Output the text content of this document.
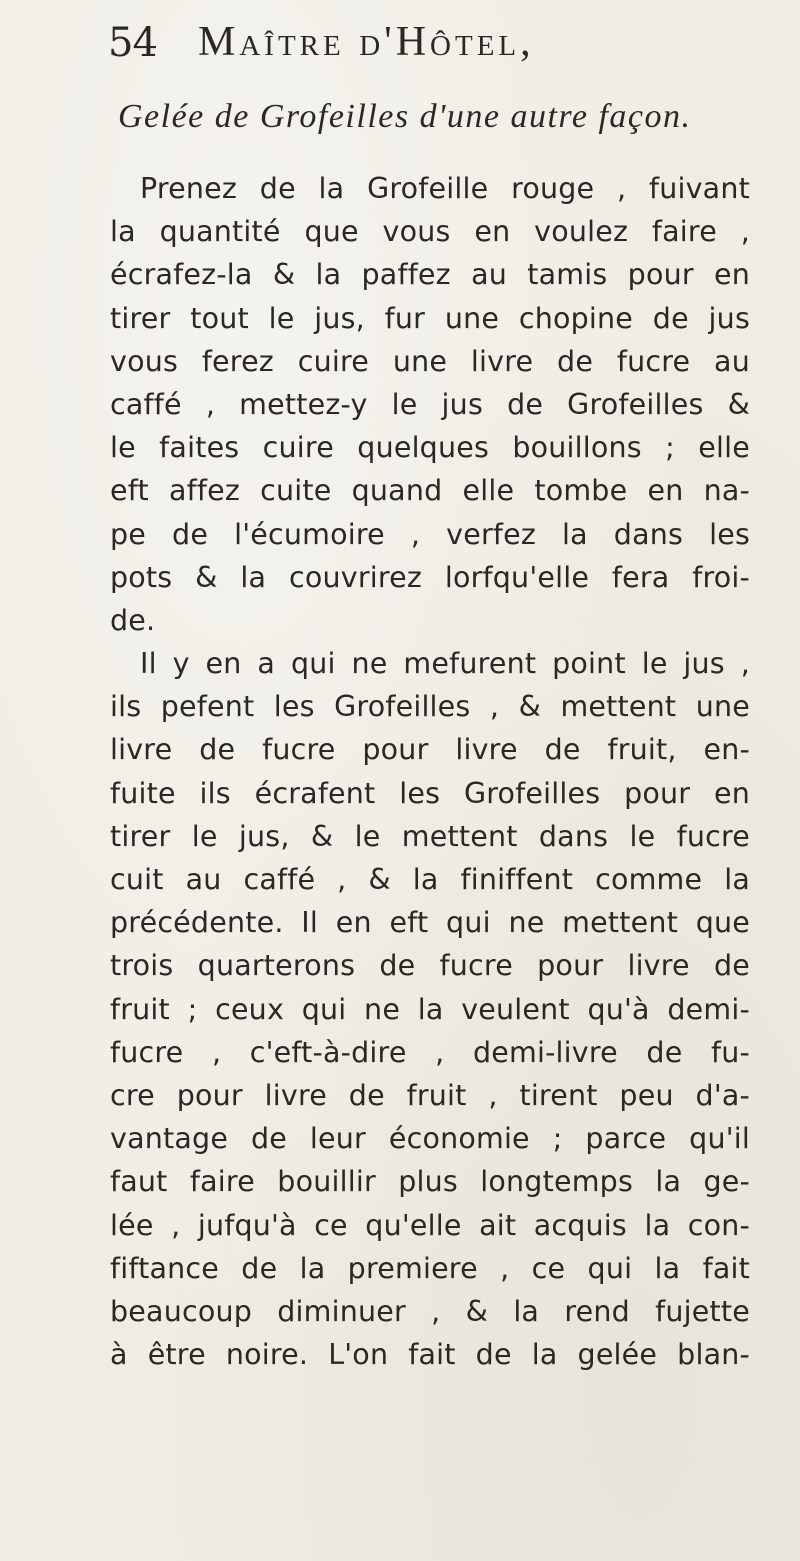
54 Maître d'Hôtel,
Gelée de Grofeilles d'une autre façon.
Prenez de la Grofeille rouge , fuivant
la quantité que vous en voulez faire ,
écrafez-la & la paffez au tamis pour en
tirer tout le jus, fur une chopine de jus
vous ferez cuire une livre de fucre au
caffé , mettez-y le jus de Grofeilles &
le faites cuire quelques bouillons ; elle
eft affez cuite quand elle tombe en na-
pe de l'écumoire , verfez la dans les
pots & la couvrirez lorfqu'elle fera froi-
de.
Il y en a qui ne mefurent point le jus ,
ils pefent les Grofeilles , & mettent une
livre de fucre pour livre de fruit, en-
fuite ils écrafent les Grofeilles pour en
tirer le jus, & le mettent dans le fucre
cuit au caffé , & la finiffent comme la
précédente. Il en eft qui ne mettent que
trois quarterons de fucre pour livre de
fruit ; ceux qui ne la veulent qu'à demi-
fucre , c'eft-à-dire , demi-livre de fu-
cre pour livre de fruit , tirent peu d'a-
vantage de leur économie ; parce qu'il
faut faire bouillir plus longtemps la ge-
lée , jufqu'à ce qu'elle ait acquis la con-
fiftance de la premiere , ce qui la fait
beaucoup diminuer , & la rend fujette
à être noire. L'on fait de la gelée blan-
